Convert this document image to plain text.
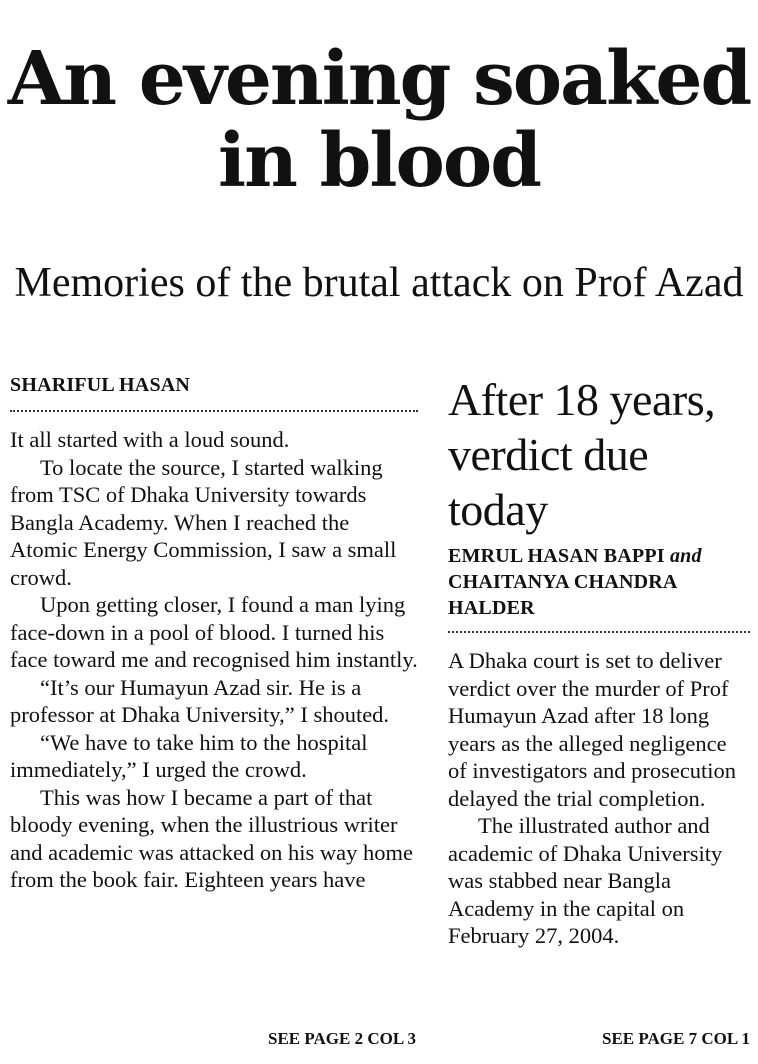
An evening soaked in blood
Memories of the brutal attack on Prof Azad
SHARIFUL HASAN

It all started with a loud sound.

To locate the source, I started walking from TSC of Dhaka University towards Bangla Academy. When I reached the Atomic Energy Commission, I saw a small crowd.

Upon getting closer, I found a man lying face-down in a pool of blood. I turned his face toward me and recognised him instantly.

“It’s our Humayun Azad sir. He is a professor at Dhaka University,” I shouted.

“We have to take him to the hospital immediately,” I urged the crowd.

This was how I became a part of that bloody evening, when the illustrious writer and academic was attacked on his way home from the book fair. Eighteen years have

After 18 years, verdict due today
EMRUL HASAN BAPPI and CHAITANYA CHANDRA HALDER

A Dhaka court is set to deliver verdict over the murder of Prof Humayun Azad after 18 long years as the alleged negligence of investigators and prosecution delayed the trial completion.

The illustrated author and academic of Dhaka University was stabbed near Bangla Academy in the capital on February 27, 2004.

SEE PAGE 2 COL 3	SEE PAGE 7 COL 1
